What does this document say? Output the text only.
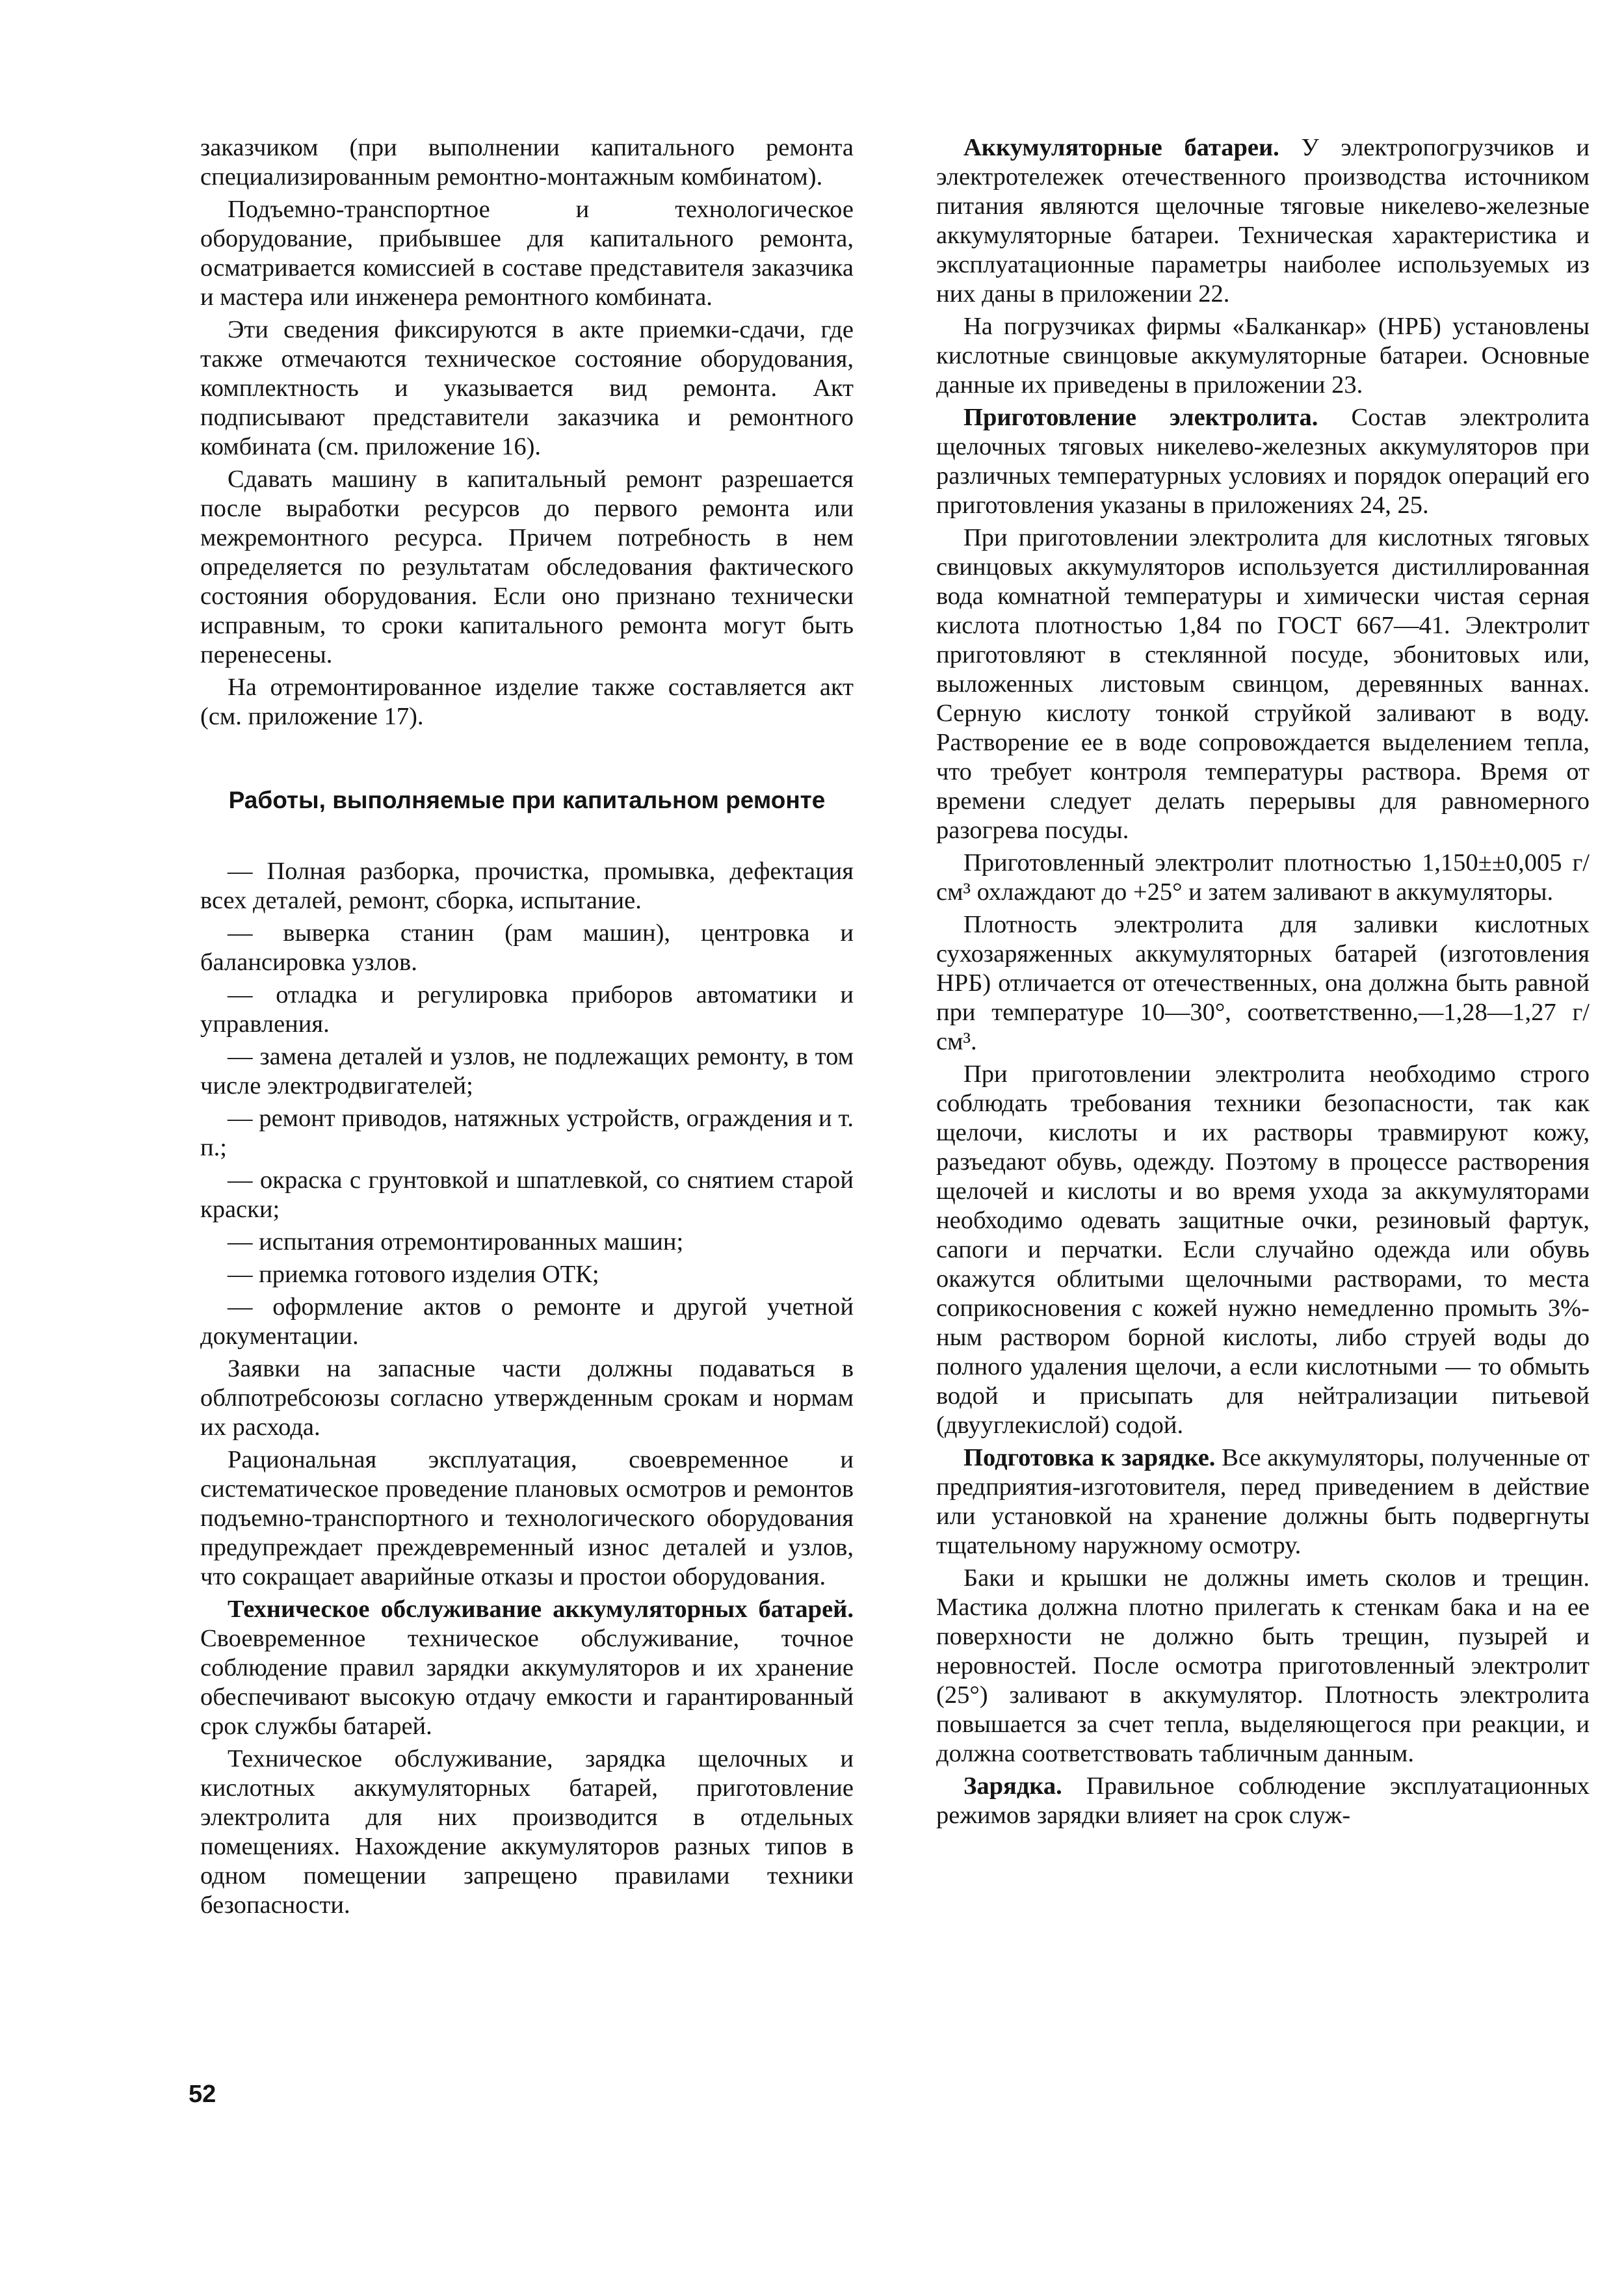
заказчиком (при выполнении капитального ремонта специализированным ремонтно-монтажным комбинатом).

Подъемно-транспортное и технологическое оборудование, прибывшее для капитального ремонта, осматривается комиссией в составе представителя заказчика и мастера или инженера ремонтного комбината.

Эти сведения фиксируются в акте приемки-сдачи, где также отмечаются техническое состояние оборудования, комплектность и указывается вид ремонта. Акт подписывают представители заказчика и ремонтного комбината (см. приложение 16).

Сдавать машину в капитальный ремонт разрешается после выработки ресурсов до первого ремонта или межремонтного ресурса. Причем потребность в нем определяется по результатам обследования фактического состояния оборудования. Если оно признано технически исправным, то сроки капитального ремонта могут быть перенесены.

На отремонтированное изделие также составляется акт (см. приложение 17).

Работы, выполняемые при капитальном ремонте

— Полная разборка, прочистка, промывка, дефектация всех деталей, ремонт, сборка, испытание.

— выверка станин (рам машин), центровка и балансировка узлов.

— отладка и регулировка приборов автоматики и управления.

— замена деталей и узлов, не подлежащих ремонту, в том числе электродвигателей;

— ремонт приводов, натяжных устройств, ограждения и т. п.;

— окраска с грунтовкой и шпатлевкой, со снятием старой краски;

— испытания отремонтированных машин;

— приемка готового изделия ОТК;

— оформление актов о ремонте и другой учетной документации.

Заявки на запасные части должны подаваться в облпотребсоюзы согласно утвержденным срокам и нормам их расхода.

Рациональная эксплуатация, своевременное и систематическое проведение плановых осмотров и ремонтов подъемно-транспортного и технологического оборудования предупреждает преждевременный износ деталей и узлов, что сокращает аварийные отказы и простои оборудования.

Техническое обслуживание аккумуляторных батарей. Своевременное техническое обслуживание, точное соблюдение правил зарядки аккумуляторов и их хранение обеспечивают высокую отдачу емкости и гарантированный срок службы батарей.

Техническое обслуживание, зарядка щелочных и кислотных аккумуляторных батарей, приготовление электролита для них производится в отдельных помещениях. Нахождение аккумуляторов разных типов в одном помещении запрещено правилами техники безопасности.

Аккумуляторные батареи. У электропогрузчиков и электротележек отечественного производства источником питания являются щелочные тяговые никелево-железные аккумуляторные батареи. Техническая характеристика и эксплуатационные параметры наиболее используемых из них даны в приложении 22.

На погрузчиках фирмы «Балканкар» (НРБ) установлены кислотные свинцовые аккумуляторные батареи. Основные данные их приведены в приложении 23.

Приготовление электролита. Состав электролита щелочных тяговых никелево-железных аккумуляторов при различных температурных условиях и порядок операций его приготовления указаны в приложениях 24, 25.

При приготовлении электролита для кислотных тяговых свинцовых аккумуляторов используется дистиллированная вода комнатной температуры и химически чистая серная кислота плотностью 1,84 по ГОСТ 667—41. Электролит приготовляют в стеклянной посуде, эбонитовых или, выложенных листовым свинцом, деревянных ваннах. Серную кислоту тонкой струйкой заливают в воду. Растворение ее в воде сопровождается выделением тепла, что требует контроля температуры раствора. Время от времени следует делать перерывы для равномерного разогрева посуды.

Приготовленный электролит плотностью 1,150±±0,005 г/см³ охлаждают до +25° и затем заливают в аккумуляторы.

Плотность электролита для заливки кислотных сухозаряженных аккумуляторных батарей (изготовления НРБ) отличается от отечественных, она должна быть равной при температуре 10—30°, соответственно,—1,28—1,27 г/см³.

При приготовлении электролита необходимо строго соблюдать требования техники безопасности, так как щелочи, кислоты и их растворы травмируют кожу, разъедают обувь, одежду. Поэтому в процессе растворения щелочей и кислоты и во время ухода за аккумуляторами необходимо одевать защитные очки, резиновый фартук, сапоги и перчатки. Если случайно одежда или обувь окажутся облитыми щелочными растворами, то места соприкосновения с кожей нужно немедленно промыть 3%-ным раствором борной кислоты, либо струей воды до полного удаления щелочи, а если кислотными — то обмыть водой и присыпать для нейтрализации питьевой (двууглекислой) содой.

Подготовка к зарядке. Все аккумуляторы, полученные от предприятия-изготовителя, перед приведением в действие или установкой на хранение должны быть подвергнуты тщательному наружному осмотру.

Баки и крышки не должны иметь сколов и трещин. Мастика должна плотно прилегать к стенкам бака и на ее поверхности не должно быть трещин, пузырей и неровностей. После осмотра приготовленный электролит (25°) заливают в аккумулятор. Плотность электролита повышается за счет тепла, выделяющегося при реакции, и должна соответствовать табличным данным.

Зарядка. Правильное соблюдение эксплуатационных режимов зарядки влияет на срок служ-

52
